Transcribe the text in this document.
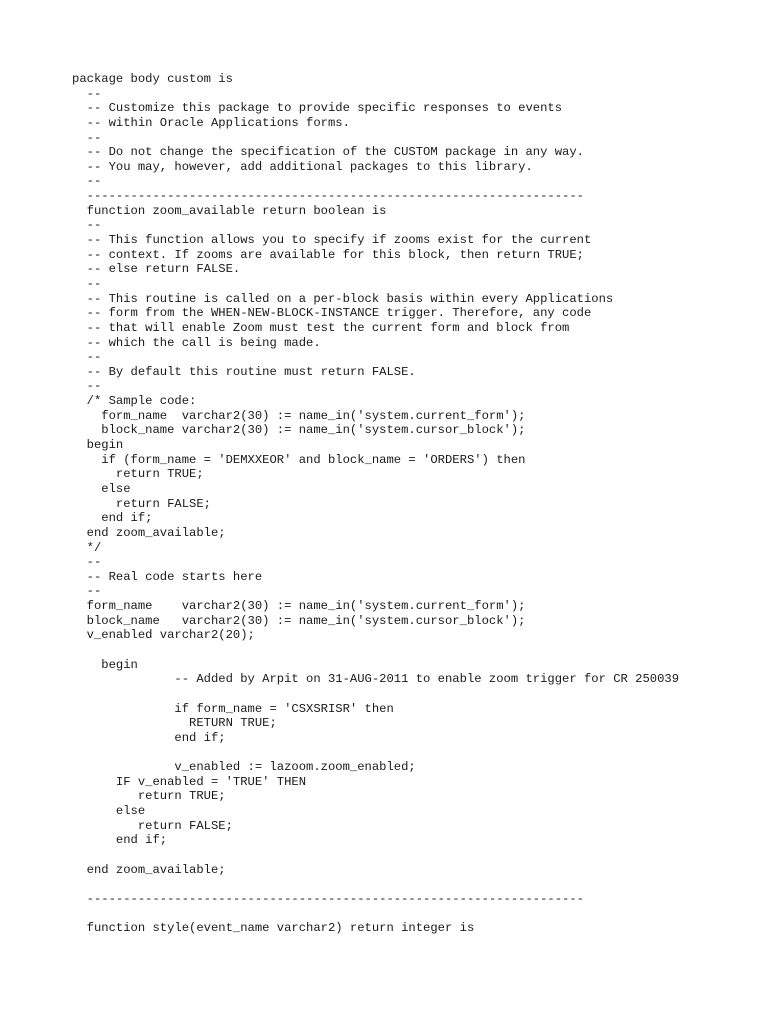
package body custom is
--
-- Customize this package to provide specific responses to events
-- within Oracle Applications forms.
--
-- Do not change the specification of the CUSTOM package in any way.
-- You may, however, add additional packages to this library.
--
--------------------------------------------------------------------
function zoom_available return boolean is
--
-- This function allows you to specify if zooms exist for the current
-- context. If zooms are available for this block, then return TRUE;
-- else return FALSE.
--
-- This routine is called on a per-block basis within every Applications
-- form from the WHEN-NEW-BLOCK-INSTANCE trigger. Therefore, any code
-- that will enable Zoom must test the current form and block from
-- which the call is being made.
--
-- By default this routine must return FALSE.
--
/* Sample code:
form_name  varchar2(30) := name_in('system.current_form');
block_name varchar2(30) := name_in('system.cursor_block');
begin
if (form_name = 'DEMXXEOR' and block_name = 'ORDERS') then
return TRUE;
else
return FALSE;
end if;
end zoom_available;
*/
--
-- Real code starts here
--
form_name    varchar2(30) := name_in('system.current_form');
block_name   varchar2(30) := name_in('system.cursor_block');
v_enabled varchar2(20);
begin
-- Added by Arpit on 31-AUG-2011 to enable zoom trigger for CR 250039
if form_name = 'CSXSRISR' then
RETURN TRUE;
end if;
v_enabled := lazoom.zoom_enabled;
IF v_enabled = 'TRUE' THEN
return TRUE;
else
return FALSE;
end if;
end zoom_available;
--------------------------------------------------------------------
function style(event_name varchar2) return integer is
